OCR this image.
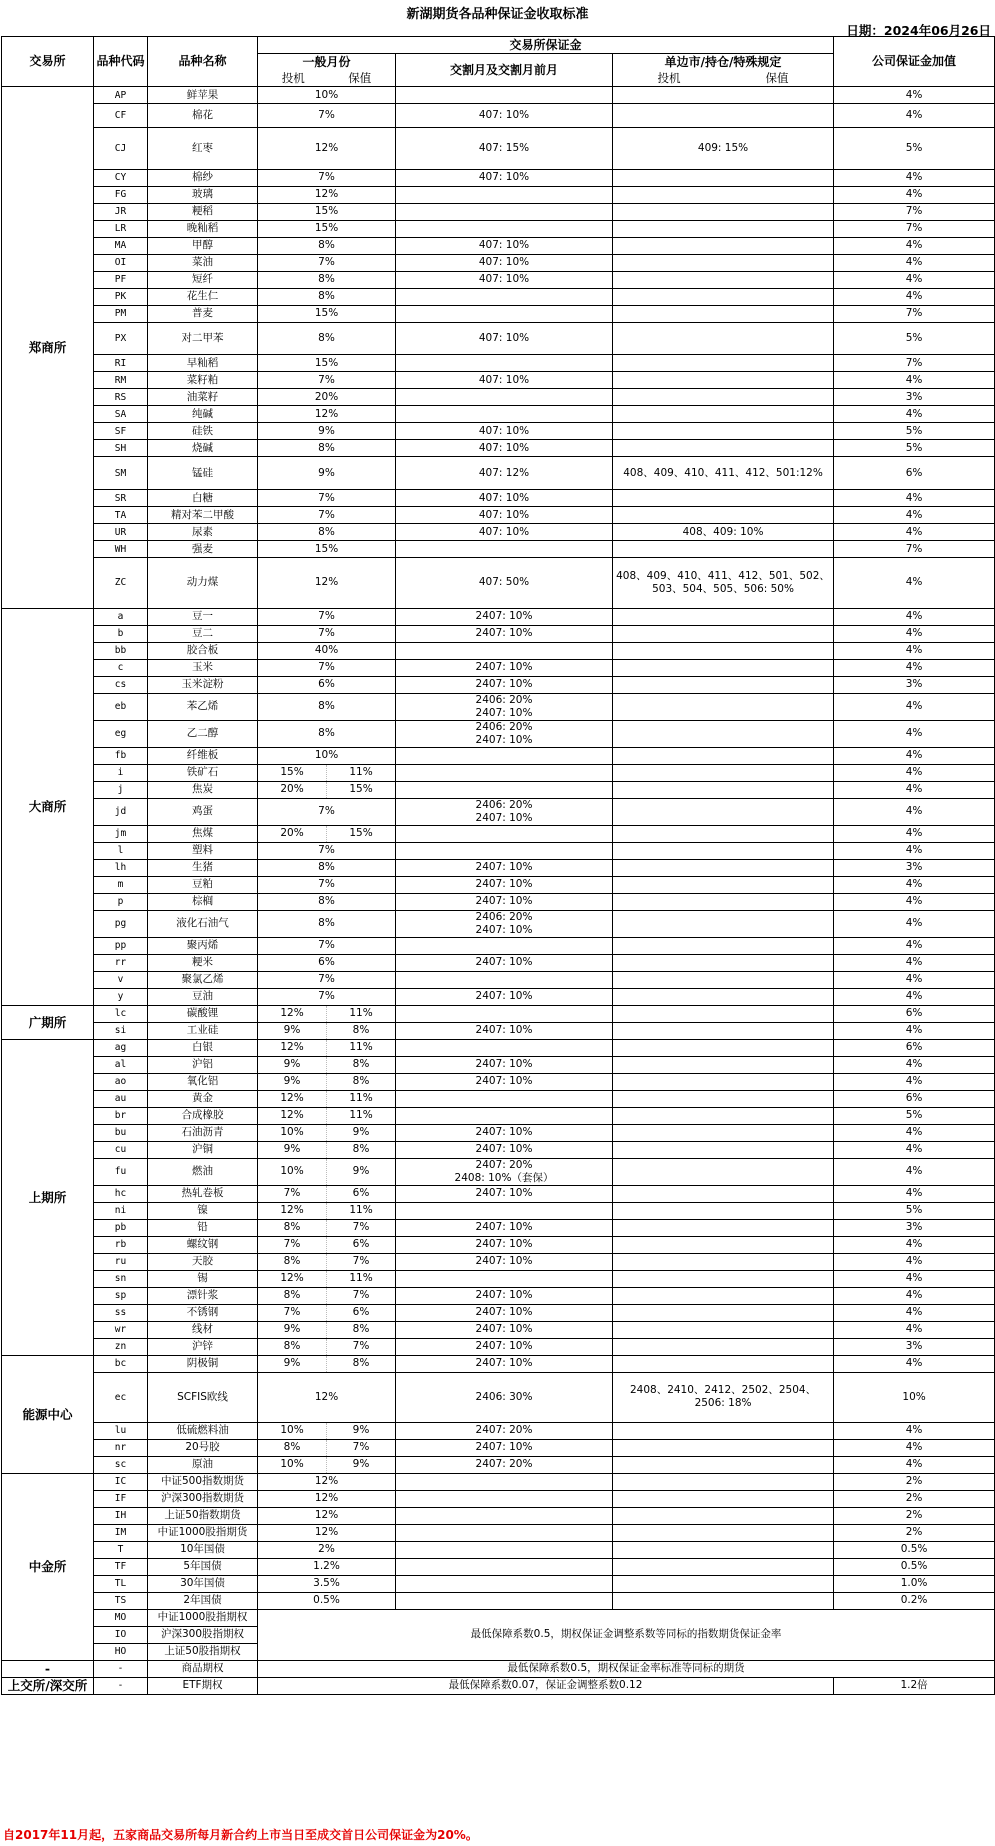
新湖期货各品种保证金收取标准
日期：2024年06月26日
交易所	品种代码	品种名称	交易所保证金				公司保证金加值
			一般月份		交割月及交割月前月	单边市/持仓/特殊规定	

			投机 保值			投机 保值	

郑商所	AP	鲜苹果	10%				4%
	CF	棉花	7%		407: 10%		4%
	CJ	红枣	12%		407: 15%	409: 15%	5%
	CY	棉纱	7%		407: 10%		4%
	FG	玻璃	12%				4%
	JR	粳稻	15%				7%
	LR	晚籼稻	15%				7%
	MA	甲醇	8%		407: 10%		4%
	OI	菜油	7%		407: 10%		4%
	PF	短纤	8%		407: 10%		4%
	PK	花生仁	8%				4%
	PM	普麦	15%				7%
	PX	对二甲苯	8%		407: 10%		5%
	RI	早籼稻	15%				7%
	RM	菜籽粕	7%		407: 10%		4%
	RS	油菜籽	20%				3%
	SA	纯碱	12%				4%
	SF	硅铁	9%		407: 10%		5%
	SH	烧碱	8%		407: 10%		5%
	SM	锰硅	9%		407: 12%	408、409、410、411、412、501:12%	6%
	SR	白糖	7%		407: 10%		4%
	TA	精对苯二甲酸	7%		407: 10%		4%
	UR	尿素	8%		407: 10%	408、409: 10%	4%
	WH	强麦	15%				7%
	ZC	动力煤	12%		407: 50%	408、409、410、411、412、501、502、503、504、505、506: 50%	4%
大商所	a	豆一	7%		2407: 10%		4%
	b	豆二	7%		2407: 10%		4%
	bb	胶合板	40%				4%
	c	玉米	7%		2407: 10%		4%
	cs	玉米淀粉	6%		2407: 10%		3%
	eb	苯乙烯	8%		2406: 20%
2407: 10%		4%
	eg	乙二醇	8%		2406: 20%
2407: 10%		4%
	fb	纤维板	10%				4%
	i	铁矿石	15%	11%			4%
	j	焦炭	20%	15%			4%
	jd	鸡蛋	7%		2406: 20%
2407: 10%		4%
	jm	焦煤	20%	15%			4%
	l	塑料	7%				4%
	lh	生猪	8%		2407: 10%		3%
	m	豆粕	7%		2407: 10%		4%
	p	棕榈	8%		2407: 10%		4%
	pg	液化石油气	8%		2406: 20%
2407: 10%		4%
	pp	聚丙烯	7%				4%
	rr	粳米	6%		2407: 10%		4%
	v	聚氯乙烯	7%				4%
	y	豆油	7%		2407: 10%		4%
广期所	lc	碳酸锂	12%	11%			6%
	si	工业硅	9%	8%	2407: 10%		4%
上期所	ag	白银	12%	11%			6%
	al	沪铝	9%	8%	2407: 10%		4%
	ao	氧化铝	9%	8%	2407: 10%		4%
	au	黄金	12%	11%			6%
	br	合成橡胶	12%	11%			5%
	bu	石油沥青	10%	9%	2407: 10%		4%
	cu	沪铜	9%	8%	2407: 10%		4%
	fu	燃油	10%	9%	2407: 20%
2408: 10%（套保）		4%
	hc	热轧卷板	7%	6%	2407: 10%		4%
	ni	镍	12%	11%			5%
	pb	铅	8%	7%	2407: 10%		3%
	rb	螺纹钢	7%	6%	2407: 10%		4%
	ru	天胶	8%	7%	2407: 10%		4%
	sn	锡	12%	11%			4%
	sp	漂针浆	8%	7%	2407: 10%		4%
	ss	不锈钢	7%	6%	2407: 10%		4%
	wr	线材	9%	8%	2407: 10%		4%
	zn	沪锌	8%	7%	2407: 10%		3%
能源中心	bc	阴极铜	9%	8%	2407: 10%		4%
	ec	SCFIS欧线	12%		2406: 30%	2408、2410、2412、2502、2504、2506: 18%	10%
	lu	低硫燃料油	10%	9%	2407: 20%		4%
	nr	20号胶	8%	7%	2407: 10%		4%
	sc	原油	10%	9%	2407: 20%		4%
中金所	IC	中证500指数期货	12%				2%
	IF	沪深300指数期货	12%				2%
	IH	上证50指数期货	12%				2%
	IM	中证1000股指期货	12%				2%
	T	10年国债	2%				0.5%
	TF	5年国债	1.2%				0.5%
	TL	30年国债	3.5%				1.0%
	TS	2年国债	0.5%				0.2%
	MO	中证1000股指期权	最低保障系数0.5，期权保证金调整系数等同标的指数期货保证金率				
	IO	沪深300股指期权					
	HO	上证50股指期权					
-	-	商品期权	最低保障系数0.5，期权保证金率标准等同标的期货				
上交所/深交所	-	ETF期权	最低保障系数0.07，保证金调整系数0.12				1.2倍
自2017年11月起，五家商品交易所每月新合约上市当日至成交首日公司保证金为20%。
